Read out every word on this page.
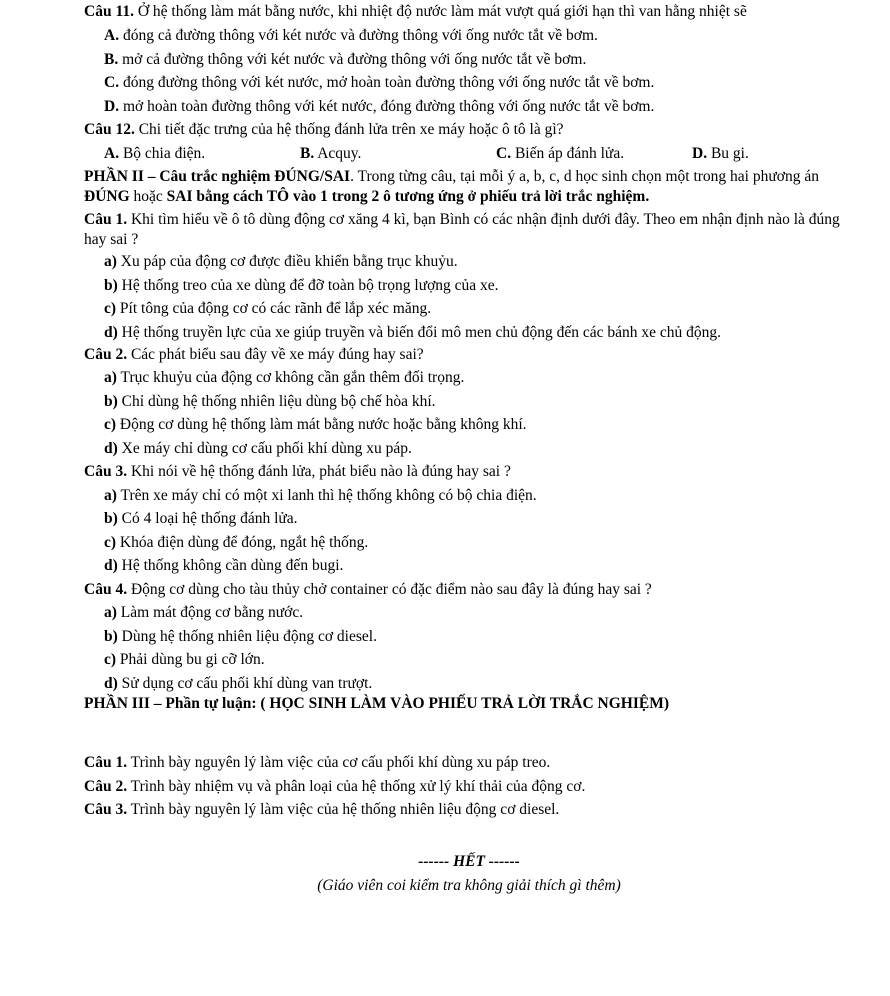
Câu 11. Ở hệ thống làm mát bằng nước, khi nhiệt độ nước làm mát vượt quá giới hạn thì van hằng nhiệt sẽ
A. đóng cả đường thông với két nước và đường thông với ống nước tắt về bơm.
B. mở cả đường thông với két nước và đường thông với ống nước tắt về bơm.
C. đóng đường thông với két nước, mở hoàn toàn đường thông với ống nước tắt về bơm.
D. mở hoàn toàn đường thông với két nước, đóng đường thông với ống nước tắt về bơm.
Câu 12. Chi tiết đặc trưng của hệ thống đánh lửa trên xe máy hoặc ô tô là gì?
A. Bộ chia điện.	B. Acquy.	C. Biến áp đánh lửa.	D. Bu gi.
PHẦN II – Câu trắc nghiệm ĐÚNG/SAI. Trong từng câu, tại mỗi ý a, b, c, d học sinh chọn một trong hai phương án ĐÚNG hoặc SAI bằng cách TÔ vào 1 trong 2 ô tương ứng ở phiếu trả lời trắc nghiệm.
Câu 1. Khi tìm hiểu về ô tô dùng động cơ xăng 4 kì, bạn Bình có các nhận định dưới đây. Theo em nhận định nào là đúng hay sai ?
a) Xu páp của động cơ được điều khiển bằng trục khuỷu.
b) Hệ thống treo của xe dùng để đỡ toàn bộ trọng lượng của xe.
c) Pít tông của động cơ có các rãnh để lắp xéc măng.
d) Hệ thống truyền lực của xe giúp truyền và biến đổi mô men chủ động đến các bánh xe chủ động.
Câu 2. Các phát biểu sau đây về xe máy đúng hay sai?
a) Trục khuỷu của động cơ không cần gắn thêm đối trọng.
b) Chỉ dùng hệ thống nhiên liệu dùng bộ chế hòa khí.
c) Động cơ dùng hệ thống làm mát bằng nước hoặc bằng không khí.
d) Xe máy chỉ dùng cơ cấu phối khí dùng xu páp.
Câu 3. Khi nói về hệ thống đánh lửa, phát biểu nào là đúng hay sai ?
a) Trên xe máy chỉ có một xi lanh thì hệ thống không có bộ chia điện.
b) Có 4 loại hệ thống đánh lửa.
c) Khóa điện dùng để đóng, ngắt hệ thống.
d) Hệ thống không cần dùng đến bugi.
Câu 4. Động cơ dùng cho tàu thủy chở container có đặc điểm nào sau đây là đúng hay sai ?
a) Làm mát động cơ bằng nước.
b) Dùng hệ thống nhiên liệu động cơ diesel.
c) Phải dùng bu gi cỡ lớn.
d) Sử dụng cơ cấu phối khí dùng van trượt.
PHẦN III – Phần tự luận: ( HỌC SINH LÀM VÀO PHIẾU TRẢ LỜI TRẮC NGHIỆM)
Câu 1. Trình bày nguyên lý làm việc của cơ cấu phối khí dùng xu páp treo.
Câu 2. Trình bày nhiệm vụ và phân loại của hệ thống xử lý khí thải của động cơ.
Câu 3. Trình bày nguyên lý làm việc của hệ thống nhiên liệu động cơ diesel.
------ HẾT ------
(Giáo viên coi kiểm tra không giải thích gì thêm)
